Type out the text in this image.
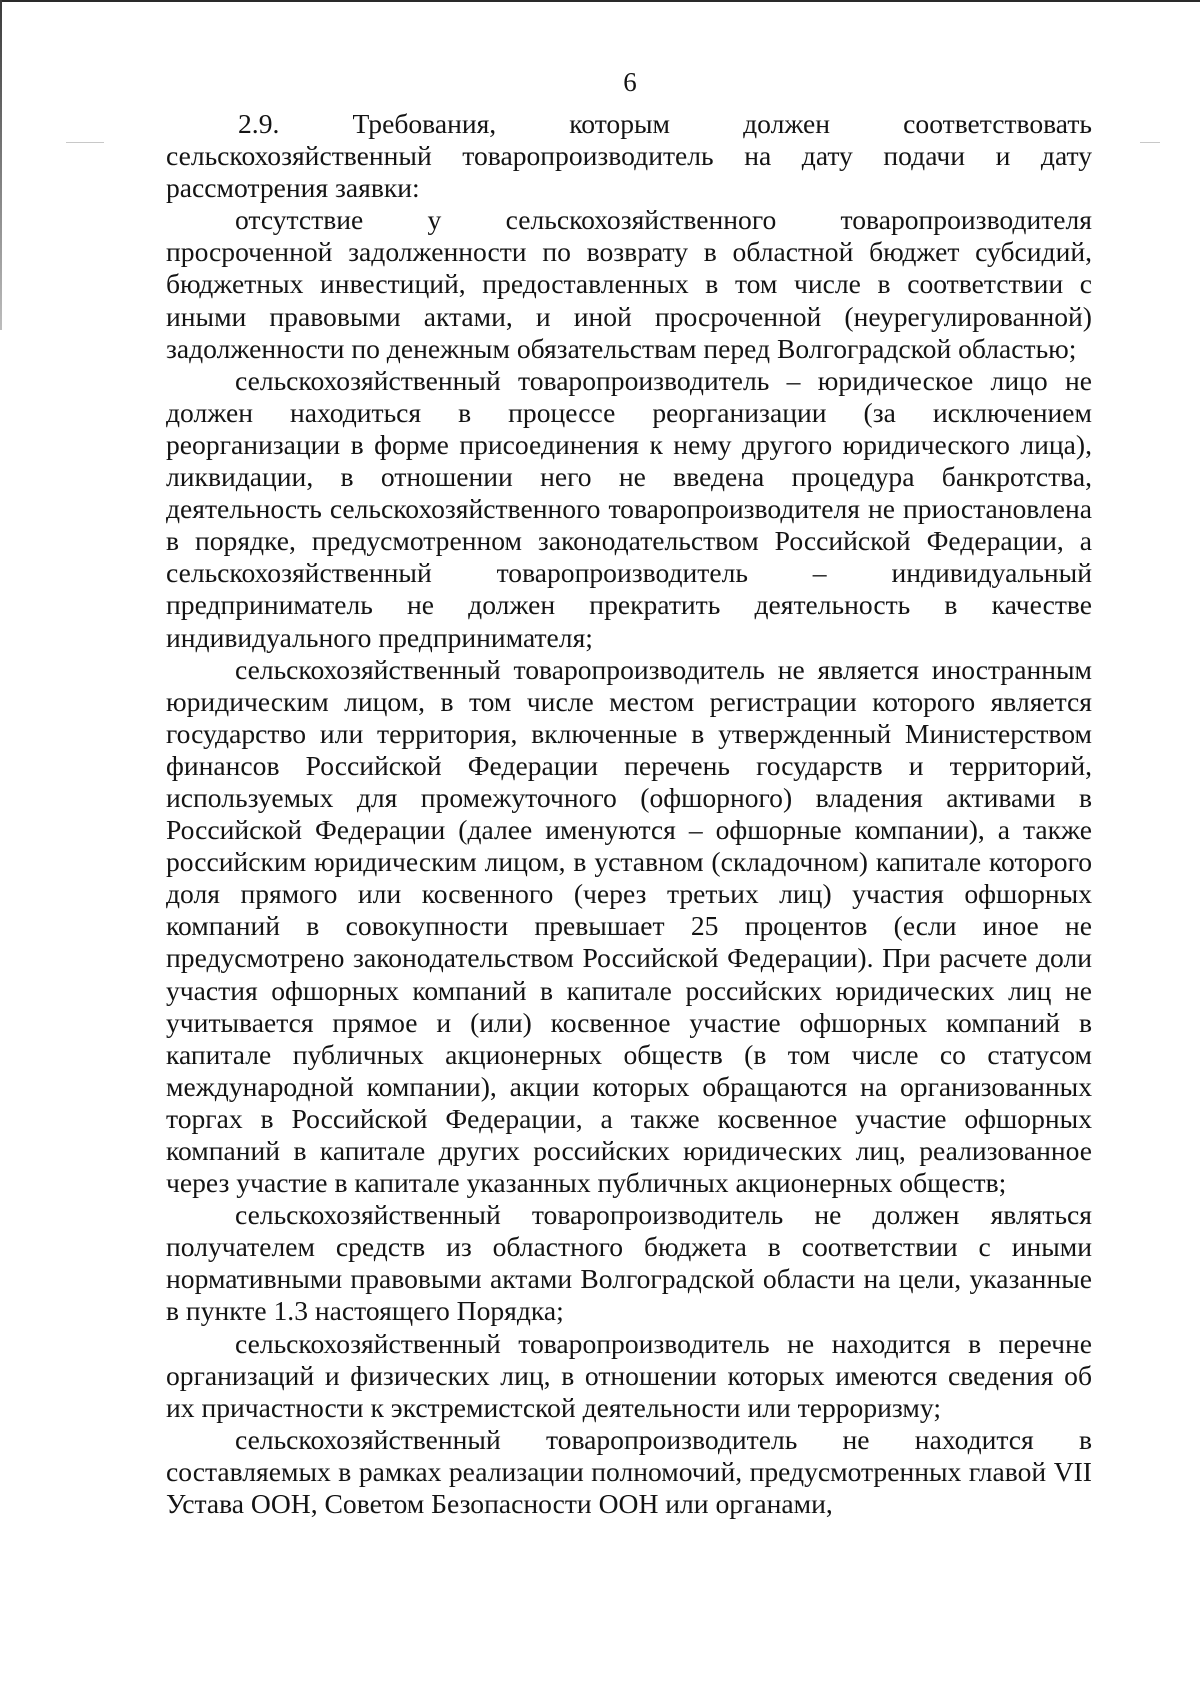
6

2.9. Требования, которым должен соответствовать сельскохозяйственный товаропроизводитель на дату подачи и дату рассмотрения заявки:

отсутствие у сельскохозяйственного товаропроизводителя просроченной задолженности по возврату в областной бюджет субсидий, бюджетных инвестиций, предоставленных в том числе в соответствии с иными правовыми актами, и иной просроченной (неурегулированной) задолженности по денежным обязательствам перед Волгоградской областью;

сельскохозяйственный товаропроизводитель – юридическое лицо не должен находиться в процессе реорганизации (за исключением реорганизации в форме присоединения к нему другого юридического лица), ликвидации, в отношении него не введена процедура банкротства, деятельность сельскохозяйственного товаропроизводителя не приостановлена в порядке, предусмотренном законодательством Российской Федерации, а сельскохозяйственный товаропроизводитель – индивидуальный предприниматель не должен прекратить деятельность в качестве индивидуального предпринимателя;

сельскохозяйственный товаропроизводитель не является иностранным юридическим лицом, в том числе местом регистрации которого является государство или территория, включенные в утвержденный Министерством финансов Российской Федерации перечень государств и территорий, используемых для промежуточного (офшорного) владения активами в Российской Федерации (далее именуются – офшорные компании), а также российским юридическим лицом, в уставном (складочном) капитале которого доля прямого или косвенного (через третьих лиц) участия офшорных компаний в совокупности превышает 25 процентов (если иное не предусмотрено законодательством Российской Федерации). При расчете доли участия офшорных компаний в капитале российских юридических лиц не учитывается прямое и (или) косвенное участие офшорных компаний в капитале публичных акционерных обществ (в том числе со статусом международной компании), акции которых обращаются на организованных торгах в Российской Федерации, а также косвенное участие офшорных компаний в капитале других российских юридических лиц, реализованное через участие в капитале указанных публичных акционерных обществ;

сельскохозяйственный товаропроизводитель не должен являться получателем средств из областного бюджета в соответствии с иными нормативными правовыми актами Волгоградской области на цели, указанные в пункте 1.3 настоящего Порядка;

сельскохозяйственный товаропроизводитель не находится в перечне организаций и физических лиц, в отношении которых имеются сведения об их причастности к экстремистской деятельности или терроризму;

сельскохозяйственный товаропроизводитель не находится в составляемых в рамках реализации полномочий, предусмотренных главой VII Устава ООН, Советом Безопасности ООН или органами,
